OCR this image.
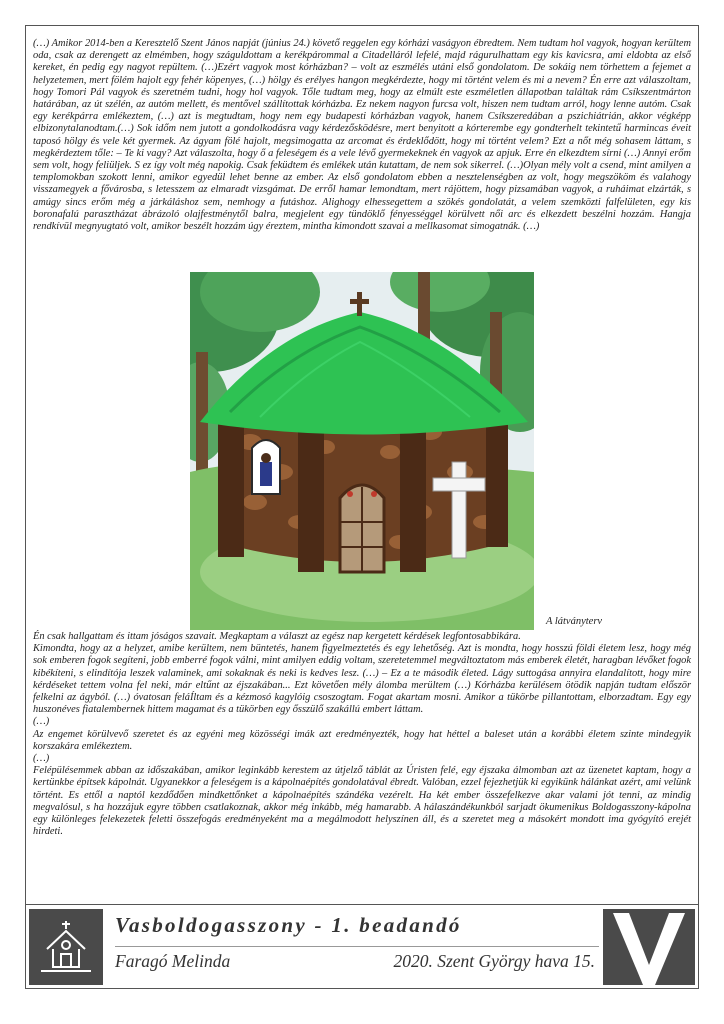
(…) Amikor 2014-ben a Keresztelő Szent János napját (június 24.) követő reggelen egy kórházi vaságyon ébredtem. Nem tudtam hol vagyok, hogyan kerültem oda, csak az derengett az elmémben, hogy száguldottam a kerékpárommal a Citadelláról lefelé, majd rágurulhattam egy kis kavicsra, ami eldobta az első kereket, én pedig egy nagyot repültem. (…)Ezért vagyok most kórházban? – volt az eszmélés utáni első gondolatom. De sokáig nem törhettem a fejemet a helyzetemen, mert fölém hajolt egy fehér köpenyes, (…) hölgy és erélyes hangon megkérdezte, hogy mi történt velem és mi a nevem? Én erre azt válaszoltam, hogy Tomori Pál vagyok és szeretném tudni, hogy hol vagyok. Tőle tudtam meg, hogy az elmúlt este eszméletlen állapotban találtak rám Csíkszentmárton határában, az út szélén, az autóm mellett, és mentővel szállítottak kórházba. Ez nekem nagyon furcsa volt, hiszen nem tudtam arról, hogy lenne autóm. Csak egy kerékpárra emlékeztem, (…) azt is megtudtam, hogy nem egy budapesti kórházban vagyok, hanem Csíkszeredában a pszichiátrián, akkor végképp elbizonytalanodtam.(…) Sok időm nem jutott a gondolkodásra vagy kérdezősködésre, mert benyitott a kórterembe egy gondterhelt tekintetű harmincas éveit taposó hölgy és vele két gyermek. Az ágyam fölé hajolt, megsimogatta az arcomat és érdeklődött, hogy mi történt velem? Ezt a nőt még sohasem láttam, s megkérdeztem tőle: – Te ki vagy? Azt válaszolta, hogy ő a feleségem és a vele lévő gyermekeknek én vagyok az apjuk. Erre én elkezdtem sírni (…) Annyi erőm sem volt, hogy feliüljek. S ez így volt még napokig. Csak feküdtem és emlékek után kutattam, de nem sok sikerrel. (…)Olyan mély volt a csend, mint amilyen a templomokban szokott lenni, amikor egyedül lehet benne az ember. Az első gondolatom ebben a nesztelenségben az volt, hogy megszököm és valahogy visszamegyek a fővárosba, s letesszem az elmaradt vizsgámat. De erről hamar lemondtam, mert rájöttem, hogy pizsamában vagyok, a ruháimat elzárták, s amúgy sincs erőm még a járkáláshoz sem, nemhogy a futáshoz. Alighogy elhessegettem a szökés gondolatát, a velem szemközti falfelületen, egy kis boronafalú parasztházat ábrázoló olajfestménytől balra, megjelent egy tündöklő fényességgel körülvett női arc és elkezdett beszélni hozzám. Hangja rendkívül megnyugtató volt, amikor beszélt hozzám úgy éreztem, mintha kimondott szavai a mellkasomat simogatnák. (…)

A látványterv

Én csak hallgattam és ittam jóságos szavait. Megkaptam a választ az egész nap kergetett kérdések legfontosabbikára.

Kimondta, hogy az a helyzet, amibe kerültem, nem büntetés, hanem figyelmeztetés és egy lehetőség. Azt is mondta, hogy hosszú földi életem lesz, hogy még sok emberen fogok segíteni, jobb emberré fogok válni, mint amilyen eddig voltam, szeretetemmel megváltoztatom más emberek életét, haragban lévőket fogok kibékíteni, s elindítója leszek valaminek, ami sokaknak és neki is kedves lesz. (…) – Ez a te második életed. Lágy suttogása annyira elandalított, hogy mire kérdéseket tettem volna fel neki, már eltűnt az éjszakában... Ezt követően mély álomba merültem (…) Kórházba kerülésem ötödik napján tudtam először felkelni az ágyból. (…) óvatosan feláÍltam és a kézmosó kagylóig csoszogtam. Fogat akartam mosni. Amikor a tükörbe pillantottam, elborzadtam. Egy egy huszonéves fiatalembernek hittem magamat és a tükörben egy ősszülő szakállú embert láttam.

(…)

Az engemet körülvevő szeretet és az egyéni meg közösségi imák azt eredményezték, hogy hat héttel a baleset után a korábbi életem szinte mindegyik korszakára emlékeztem.

(…)

Felépülésemmek abban az időszakában, amikor leginkább kerestem az útjelző táblát az Úristen felé, egy éjszaka álmomban azt az üzenetet kaptam, hogy a kertünkbe építsek kápolnát. Ugyanekkor a feleségem is a kápolnaépítés gondolatával ébredt. Valóban, ezzel fejezhetjük ki egyikünk hálánkat azért, ami velünk történt. Es ettől a naptól kezdődően mindkettőnket a kápolnaépítés szándéka vezérelt. Ha két ember összefelkezve akar valami jót tenni, az mindig megvalósul, s ha hozzájuk egyre többen csatlakoznak, akkor még inkább, még hamarabb. A hálaszándékunkból sarjadt ökumenikus Boldogasszony-kápolna egy különleges felekezetek feletti összefogás eredményeként ma a megálmodott helyszínen áll, és a szeretet meg a másokért mondott ima gyógyító erejét hirdeti.

Vasboldogasszony - 1. beadandó
Faragó Melinda	2020. Szent György hava 15.
